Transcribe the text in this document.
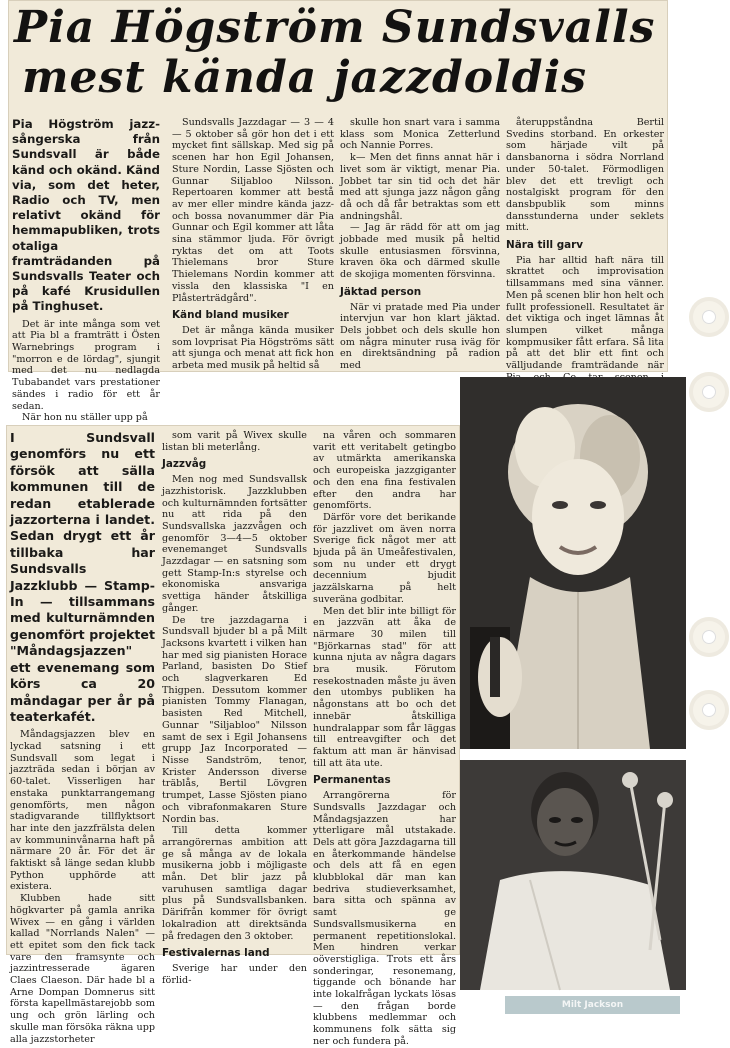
Pia Högström Sundsvalls
mest kända jazzdoldis
Pia Högström jazz-sångerska från Sundsvall är både känd och okänd. Känd via, som det heter, Radio och TV, men relativt okänd för hemmapubliken, trots otaliga framträdanden på Sundsvalls Teater och på kafé Krusidullen på Tinghuset.

Det är inte många som vet att Pia bl a framträtt i Östen Warnebrings program i "morron e de lördag", sjungit med det nu nedlagda Tubabandet vars prestationer sändes i radio för ett år sedan.

När hon nu ställer upp på

Sundsvalls Jazzdagar — 3 — 4 — 5 oktober så gör hon det i ett mycket fint sällskap. Med sig på scenen har hon Egil Johansen, Sture Nordin, Lasse Sjösten och Gunnar Siljabloo Nilsson. Repertoaren kommer att bestå av mer eller mindre kända jazz- och bossa novanummer där Pia Gunnar och Egil kommer att låta sina stämmor ljuda. För övrigt ryktas det om att Toots Thielemans bror Sture Thielemans Nordin kommer att vissla den klassiska "I en Plåsterträdgård".

Känd bland musiker

Det är många kända musiker som lovprisat Pia Högströms sätt att sjunga och menat att fick hon arbeta med musik på heltid så

skulle hon snart vara i samma klass som Monica Zetterlund och Nannie Porres.

k— Men det finns annat här i livet som är viktigt, menar Pia. Jobbet tar sin tid och det här med att sjunga jazz någon gång då och då får betraktas som ett andningshål.

— Jag är rädd för att om jag jobbade med musik på heltid skulle entusiasmen försvinna, kraven öka och därmed skulle de skojiga momenten försvinna.

Jäktad person

När vi pratade med Pia under intervjun var hon klart jäktad. Dels jobbet och dels skulle hon om några minuter rusa iväg för en direktsändning på radion med

återuppståndna Bertil Svedins storband. En orkester som härjade vilt på dansbanorna i södra Norrland under 50-talet. Förmodligen blev det ett trevligt och nostalgiskt program för den dansbpublik som minns dansstunderna under seklets mitt.

Nära till garv

Pia har alltid haft nära till skrattet och improvisation tillsammans med sina vänner. Men på scenen blir hon helt och fullt professionell. Resultatet är det viktiga och inget lämnas åt slumpen vilket många kompmusiker fått erfara. Så lita på att det blir ett fint och välljudande framträdande när

I Sundsvall genomförs nu ett försök att sälla kommunen till de redan etablerade jazzorterna i landet. Sedan drygt ett år tillbaka har Sundsvalls Jazzklubb — Stamp-In — tillsammans med kulturnämnden genomfört projektet "Måndagsjazzen" ett evenemang som körs ca 20 måndagar per år på teaterkafét.

Måndagsjazzen blev en lyckad satsning i ett Sundsvall som legat i jazzträda sedan i början av 60-talet. Visserligen har enstaka punktarrangemang genomförts, men någon stadigvarande tillflyktsort har inte den jazzfrälsta delen av kommuninvånarna haft på närmare 20 år. För det är faktiskt så länge sedan klubb Python upphörde att existera.

Klubben hade sitt högkvarter på gamla anrika Wivex — en gång i världen kallad "Norrlands Nalen" — ett epitet som den fick tack vare den framsynte och jazzintresserade ägaren Claes Claeson. Där hade bl a Arne Dompan Domnerus sitt första kapellmästarejobb som ung och grön lärling och skulle man försöka räkna upp alla jazzstorheter

som varit på Wivex skulle listan bli meterlång.

Jazzvåg

Men nog med Sundsvallsk jazzhistorisk. Jazzklubben och kulturnämnden fortsätter nu att rida på den Sundsvallska jazzvågen och genomför 3—4—5 oktober evenemanget Sundsvalls Jazzdagar — en satsning som gett Stamp-In:s styrelse och ekonomiska ansvariga svettiga händer åtskilliga gånger.

De tre jazzdagarna i Sundsvall bjuder bl a på Milt Jacksons kvartett i vilken han har med sig pianisten Horace Parland, basisten Do Stief och slagverkaren Ed Thigpen. Dessutom kommer pianisten Tommy Flanagan, basisten Red Mitchell, Gunnar "Siljabloo" Nilsson samt de sex i Egil Johansens grupp Jaz Incorporated — Nisse Sandström, tenor, Krister Andersson diverse träblås, Bertil Lövgren trumpet, Lasse Sjösten piano och vibrafonmakaren Sture Nordin bas.

Till detta kommer arrangörernas ambition att ge så många av de lokala musikerna jobb i möjligaste mån. Det blir jazz på varuhusen samtliga dagar plus på Sundsvallsbanken. Därifrån kommer för övrigt lokalradion att direktsända på fredagen den 3 oktober.

Festivalernas land

Sverige har under den förlid-

na våren och sommaren varit ett veritabelt getingbo av utmärkta amerikanska och europeiska jazzgiganter och den ena fina festivalen efter den andra har genomförts.

Därför vore det berikande för jazzlivet om även norra Sverige fick något mer att bjuda på än Umeåfestivalen, som nu under ett drygt decennium bjudit jazzälskarna på helt suveräna godbitar.

Men det blir inte billigt för en jazzvän att åka de närmare 30 milen till "Björkarnas stad" för att kunna njuta av några dagars bra musik. Förutom resekostnaden måste ju även den utombys publiken ha någonstans att bo och det innebär åtskilliga hundralappar som får läggas till entreavgifter och det faktum att man är hänvisad till att äta ute.

Permanentas

Arrangörerna för Sundsvalls Jazzdagar och Måndagsjazzen har ytterligare mål utstakade. Dels att göra Jazzdagarna till en återkommande händelse och dels att få en egen klubblokal där man kan bedriva studieverksamhet, bara sitta och spänna av samt ge Sundsvallsmusikerna en permanent repetitionslokal. Men hindren verkar oöverstigliga. Trots ett års sonderingar, resonemang, tiggande och bönande har inte lokalfrågan lyckats lösas — den frågan borde klubbens medlemmar och kommunens folk sätta sig ner och fundera på.

Milt Jackson
